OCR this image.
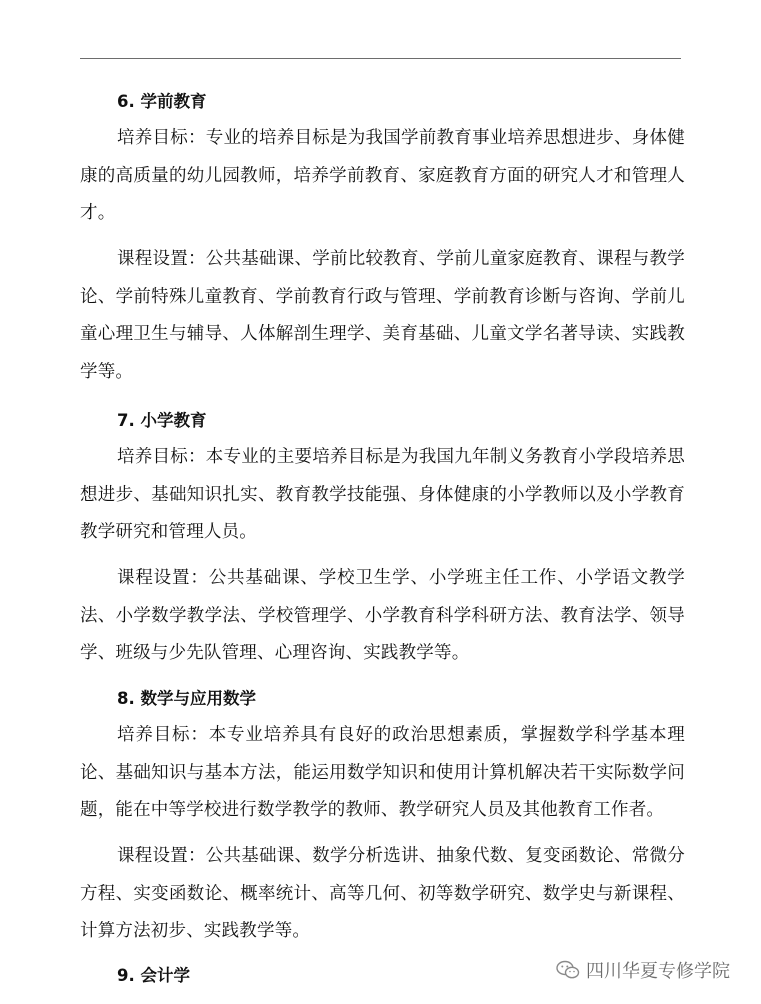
6. 学前教育

培养目标：专业的培养目标是为我国学前教育事业培养思想进步、身体健康的高质量的幼儿园教师，培养学前教育、家庭教育方面的研究人才和管理人才。

课程设置：公共基础课、学前比较教育、学前儿童家庭教育、课程与教学论、学前特殊儿童教育、学前教育行政与管理、学前教育诊断与咨询、学前儿童心理卫生与辅导、人体解剖生理学、美育基础、儿童文学名著导读、实践教学等。

7. 小学教育

培养目标：本专业的主要培养目标是为我国九年制义务教育小学段培养思想进步、基础知识扎实、教育教学技能强、身体健康的小学教师以及小学教育教学研究和管理人员。

课程设置：公共基础课、学校卫生学、小学班主任工作、小学语文教学法、小学数学教学法、学校管理学、小学教育科学科研方法、教育法学、领导学、班级与少先队管理、心理咨询、实践教学等。

8. 数学与应用数学

培养目标：本专业培养具有良好的政治思想素质，掌握数学科学基本理论、基础知识与基本方法，能运用数学知识和使用计算机解决若干实际数学问题，能在中等学校进行数学教学的教师、教学研究人员及其他教育工作者。

课程设置：公共基础课、数学分析选讲、抽象代数、复变函数论、常微分方程、实变函数论、概率统计、高等几何、初等数学研究、数学史与新课程、计算方法初步、实践教学等。

9. 会计学	四川华夏专修学院
